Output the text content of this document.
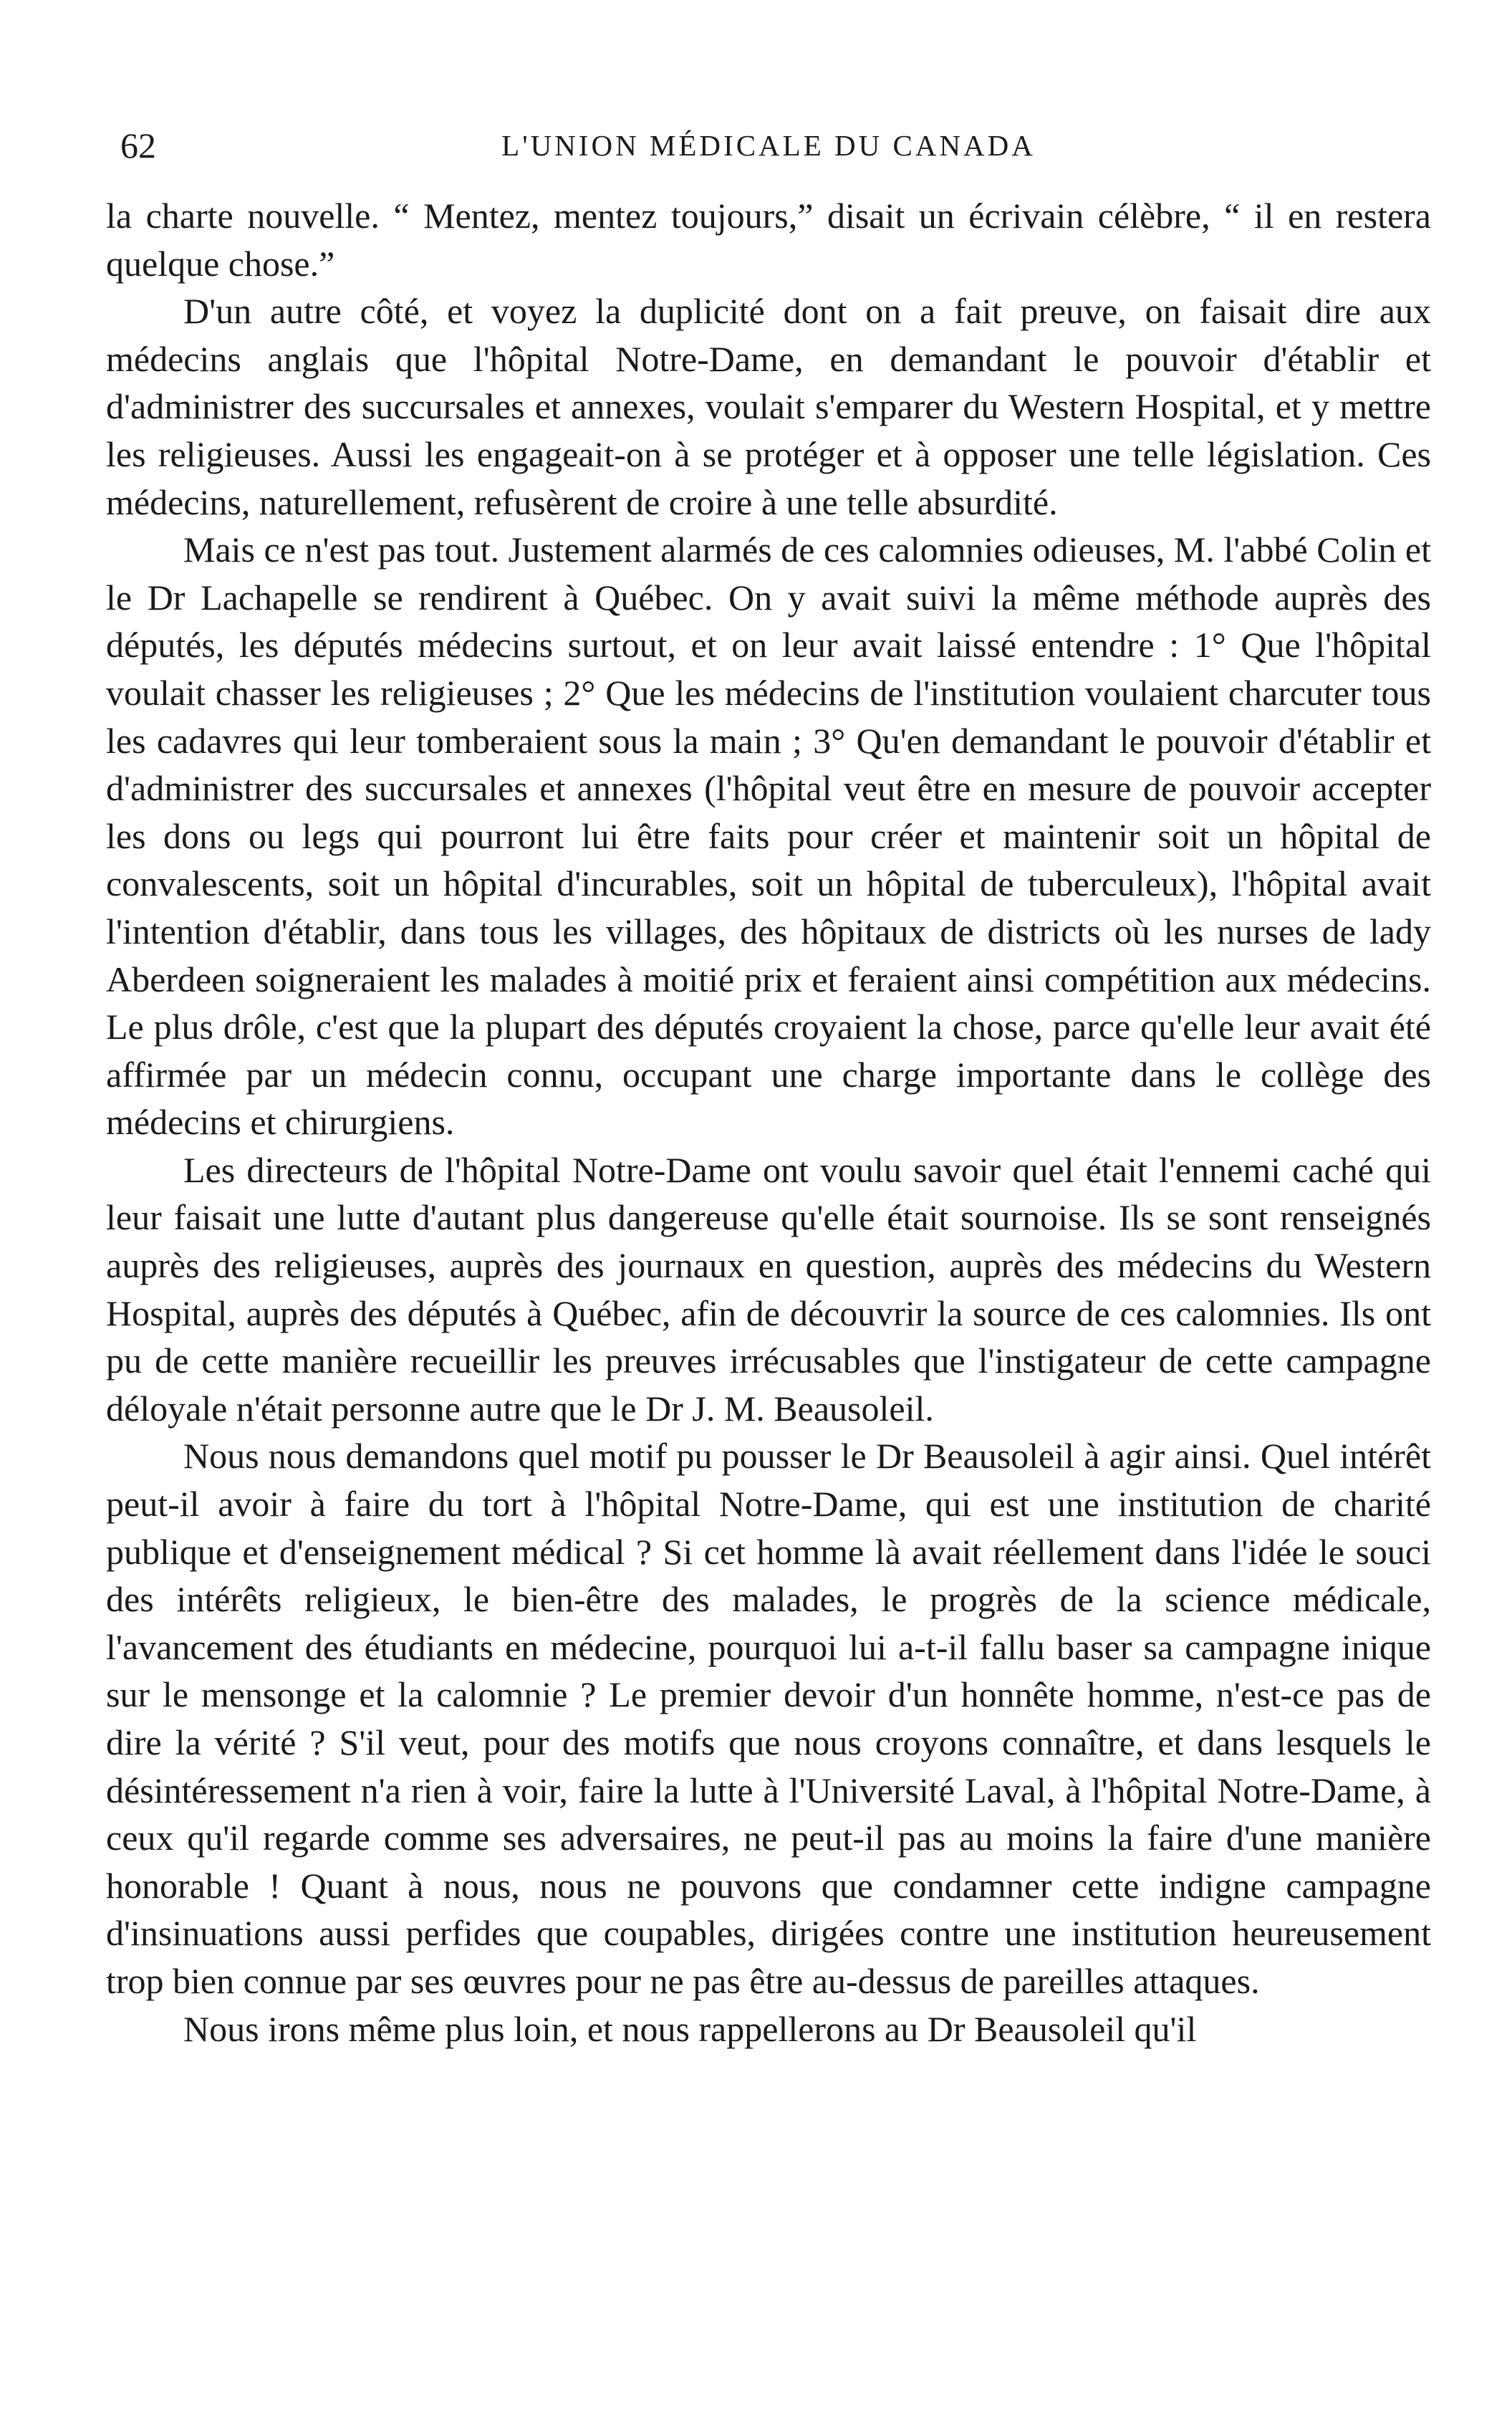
62	L'UNION MÉDICALE DU CANADA

la charte nouvelle. “ Mentez, mentez toujours,” disait un écrivain célèbre, “ il en restera quelque chose.”

D'un autre côté, et voyez la duplicité dont on a fait preuve, on faisait dire aux médecins anglais que l'hôpital Notre-Dame, en demandant le pouvoir d'établir et d'administrer des succursales et annexes, voulait s'emparer du Western Hospital, et y mettre les religieuses. Aussi les engageait-on à se protéger et à opposer une telle législation. Ces médecins, naturellement, refusèrent de croire à une telle absurdité.

Mais ce n'est pas tout. Justement alarmés de ces calomnies odieuses, M. l'abbé Colin et le Dr Lachapelle se rendirent à Québec. On y avait suivi la même méthode auprès des députés, les députés médecins surtout, et on leur avait laissé entendre : 1° Que l'hôpital voulait chasser les religieuses ; 2° Que les médecins de l'institution voulaient charcuter tous les cadavres qui leur tomberaient sous la main ; 3° Qu'en demandant le pouvoir d'établir et d'administrer des succursales et annexes (l'hôpital veut être en mesure de pouvoir accepter les dons ou legs qui pourront lui être faits pour créer et maintenir soit un hôpital de convalescents, soit un hôpital d'incurables, soit un hôpital de tuberculeux), l'hôpital avait l'intention d'établir, dans tous les villages, des hôpitaux de districts où les nurses de lady Aberdeen soigneraient les malades à moitié prix et feraient ainsi compétition aux médecins. Le plus drôle, c'est que la plupart des députés croyaient la chose, parce qu'elle leur avait été affirmée par un médecin connu, occupant une charge importante dans le collège des médecins et chirurgiens.

Les directeurs de l'hôpital Notre-Dame ont voulu savoir quel était l'ennemi caché qui leur faisait une lutte d'autant plus dangereuse qu'elle était sournoise. Ils se sont renseignés auprès des religieuses, auprès des journaux en question, auprès des médecins du Western Hospital, auprès des députés à Québec, afin de découvrir la source de ces calomnies. Ils ont pu de cette manière recueillir les preuves irrécusables que l'instigateur de cette campagne déloyale n'était personne autre que le Dr J. M. Beausoleil.

Nous nous demandons quel motif pu pousser le Dr Beausoleil à agir ainsi. Quel intérêt peut-il avoir à faire du tort à l'hôpital Notre-Dame, qui est une institution de charité publique et d'enseignement médical ? Si cet homme là avait réellement dans l'idée le souci des intérêts religieux, le bien-être des malades, le progrès de la science médicale, l'avancement des étudiants en médecine, pourquoi lui a-t-il fallu baser sa campagne inique sur le mensonge et la calomnie ? Le premier devoir d'un honnête homme, n'est-ce pas de dire la vérité ? S'il veut, pour des motifs que nous croyons connaître, et dans lesquels le désintéressement n'a rien à voir, faire la lutte à l'Université Laval, à l'hôpital Notre-Dame, à ceux qu'il regarde comme ses adversaires, ne peut-il pas au moins la faire d'une manière honorable ! Quant à nous, nous ne pouvons que condamner cette indigne campagne d'insinuations aussi perfides que coupables, dirigées contre une institution heureusement trop bien connue par ses œuvres pour ne pas être au-dessus de pareilles attaques.

Nous irons même plus loin, et nous rappellerons au Dr Beausoleil qu'il
